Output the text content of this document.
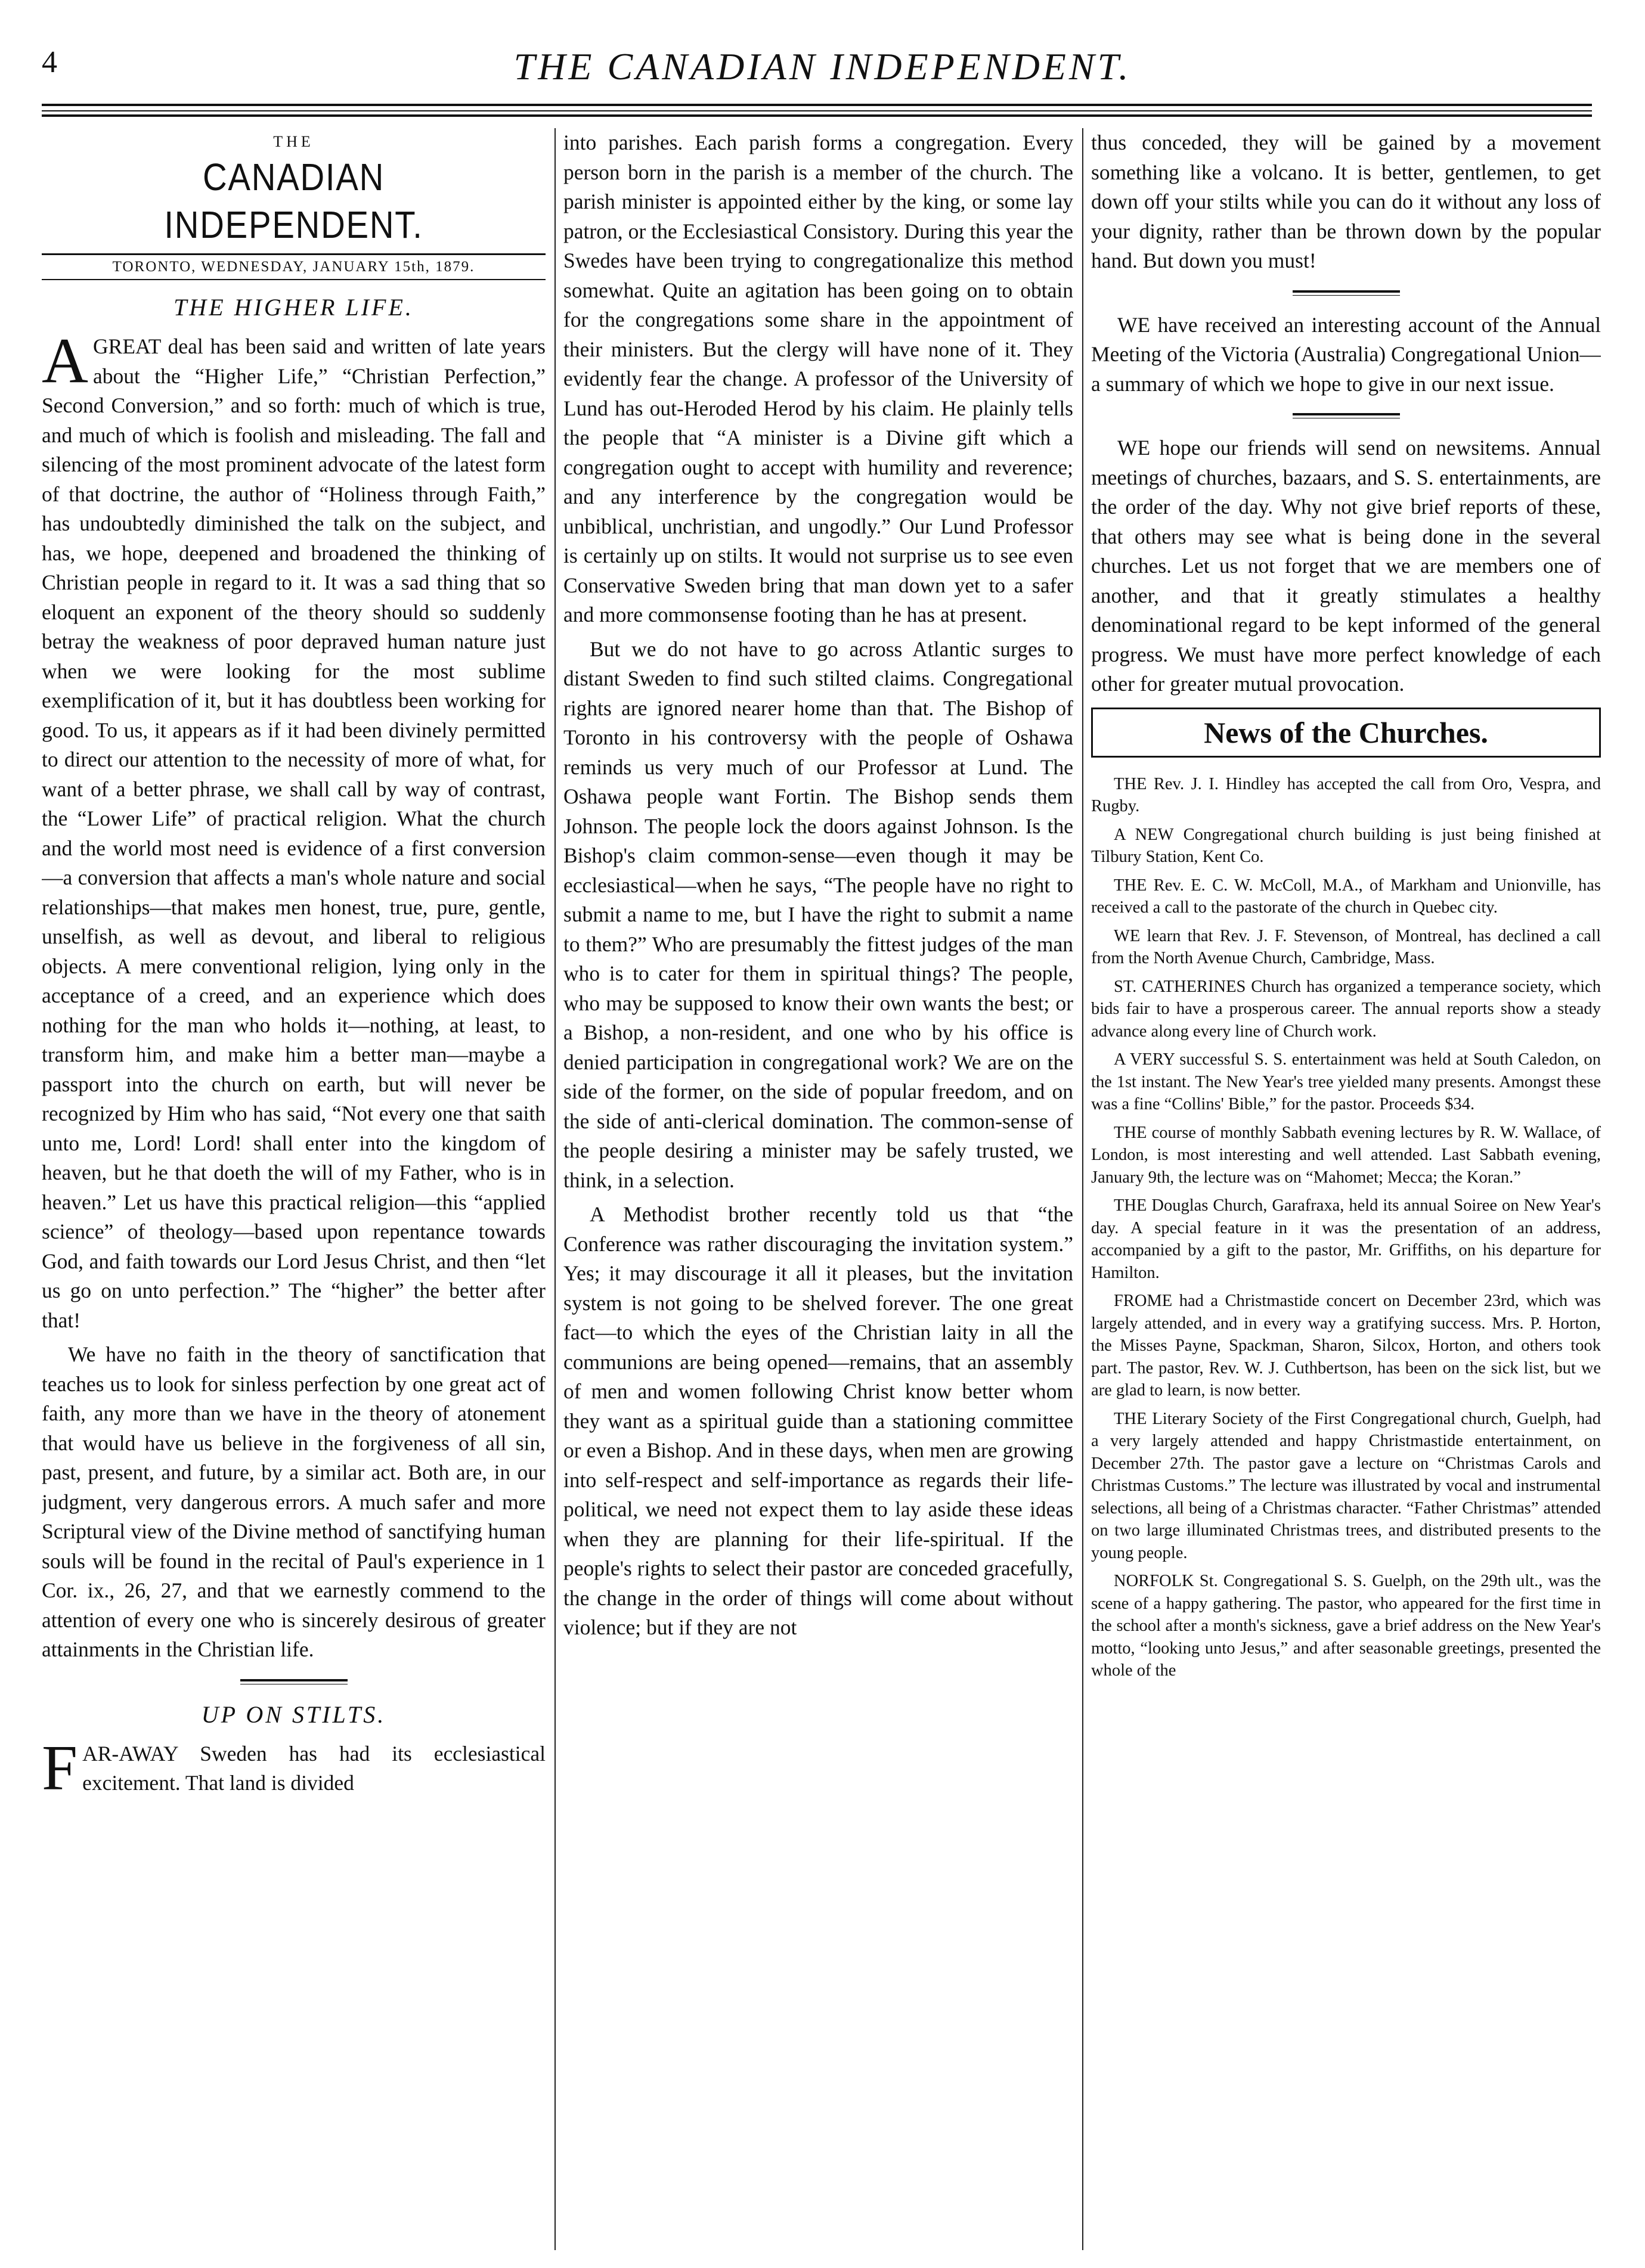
4	THE CANADIAN INDEPENDENT.
THE
CANADIAN INDEPENDENT.
TORONTO, WEDNESDAY, JANUARY 15th, 1879.
THE HIGHER LIFE.

AGREAT deal has been said and written of late years about the “Higher Life,” “Christian Perfection,” Second Conversion,” and so forth: much of which is true, and much of which is foolish and misleading. The fall and silencing of the most prominent advocate of the latest form of that doctrine, the author of “Holiness through Faith,” has undoubtedly diminished the talk on the subject, and has, we hope, deepened and broadened the thinking of Christian people in regard to it. It was a sad thing that so eloquent an exponent of the theory should so suddenly betray the weakness of poor depraved human nature just when we were looking for the most sublime exemplification of it, but it has doubtless been working for good. To us, it appears as if it had been divinely permitted to direct our attention to the necessity of more of what, for want of a better phrase, we shall call by way of contrast, the “Lower Life” of practical religion. What the church and the world most need is evidence of a first conversion—a conversion that affects a man's whole nature and social relationships—that makes men honest, true, pure, gentle, unselfish, as well as devout, and liberal to religious objects. A mere conventional religion, lying only in the acceptance of a creed, and an experience which does nothing for the man who holds it—nothing, at least, to transform him, and make him a better man—maybe a passport into the church on earth, but will never be recognized by Him who has said, “Not every one that saith unto me, Lord! Lord! shall enter into the kingdom of heaven, but he that doeth the will of my Father, who is in heaven.” Let us have this practical religion—this “applied science” of theology—based upon repentance towards God, and faith towards our Lord Jesus Christ, and then “let us go on unto perfection.” The “higher” the better after that!

We have no faith in the theory of sanctification that teaches us to look for sinless perfection by one great act of faith, any more than we have in the theory of atonement that would have us believe in the forgiveness of all sin, past, present, and future, by a similar act. Both are, in our judgment, very dangerous errors. A much safer and more Scriptural view of the Divine method of sanctifying human souls will be found in the recital of Paul's experience in 1 Cor. ix., 26, 27, and that we earnestly commend to the attention of every one who is sincerely desirous of greater attainments in the Christian life.

UP ON STILTS.

FAR-AWAY Sweden has had its ecclesiastical excitement. That land is divided

into parishes. Each parish forms a congregation. Every person born in the parish is a member of the church. The parish minister is appointed either by the king, or some lay patron, or the Ecclesiastical Consistory. During this year the Swedes have been trying to congregationalize this method somewhat. Quite an agitation has been going on to obtain for the congregations some share in the appointment of their ministers. But the clergy will have none of it. They evidently fear the change. A professor of the University of Lund has out-Heroded Herod by his claim. He plainly tells the people that “A minister is a Divine gift which a congregation ought to accept with humility and reverence; and any interference by the congregation would be unbiblical, unchristian, and ungodly.” Our Lund Professor is certainly up on stilts. It would not surprise us to see even Conservative Sweden bring that man down yet to a safer and more commonsense footing than he has at present.

But we do not have to go across Atlantic surges to distant Sweden to find such stilted claims. Congregational rights are ignored nearer home than that. The Bishop of Toronto in his controversy with the people of Oshawa reminds us very much of our Professor at Lund. The Oshawa people want Fortin. The Bishop sends them Johnson. The people lock the doors against Johnson. Is the Bishop's claim common-sense—even though it may be ecclesiastical—when he says, “The people have no right to submit a name to me, but I have the right to submit a name to them?” Who are presumably the fittest judges of the man who is to cater for them in spiritual things? The people, who may be supposed to know their own wants the best; or a Bishop, a non-resident, and one who by his office is denied participation in congregational work? We are on the side of the former, on the side of popular freedom, and on the side of anti-clerical domination. The common-sense of the people desiring a minister may be safely trusted, we think, in a selection.

A Methodist brother recently told us that “the Conference was rather discouraging the invitation system.” Yes; it may discourage it all it pleases, but the invitation system is not going to be shelved forever. The one great fact—to which the eyes of the Christian laity in all the communions are being opened—remains, that an assembly of men and women following Christ know better whom they want as a spiritual guide than a stationing committee or even a Bishop. And in these days, when men are growing into self-respect and self-importance as regards their life-political, we need not expect them to lay aside these ideas when they are planning for their life-spiritual. If the people's rights to select their pastor are conceded gracefully, the change in the order of things will come about without violence; but if they are not

thus conceded, they will be gained by a movement something like a volcano. It is better, gentlemen, to get down off your stilts while you can do it without any loss of your dignity, rather than be thrown down by the popular hand. But down you must!

WE have received an interesting account of the Annual Meeting of the Victoria (Australia) Congregational Union—a summary of which we hope to give in our next issue.

WE hope our friends will send on newsitems. Annual meetings of churches, bazaars, and S. S. entertainments, are the order of the day. Why not give brief reports of these, that others may see what is being done in the several churches. Let us not forget that we are members one of another, and that it greatly stimulates a healthy denominational regard to be kept informed of the general progress. We must have more perfect knowledge of each other for greater mutual provocation.

News of the Churches.

THE Rev. J. I. Hindley has accepted the call from Oro, Vespra, and Rugby.

A NEW Congregational church building is just being finished at Tilbury Station, Kent Co.

THE Rev. E. C. W. McColl, M.A., of Markham and Unionville, has received a call to the pastorate of the church in Quebec city.

WE learn that Rev. J. F. Stevenson, of Montreal, has declined a call from the North Avenue Church, Cambridge, Mass.

ST. CATHERINES Church has organized a temperance society, which bids fair to have a prosperous career. The annual reports show a steady advance along every line of Church work.

A VERY successful S. S. entertainment was held at South Caledon, on the 1st instant. The New Year's tree yielded many presents. Amongst these was a fine “Collins' Bible,” for the pastor. Proceeds $34.

THE course of monthly Sabbath evening lectures by R. W. Wallace, of London, is most interesting and well attended. Last Sabbath evening, January 9th, the lecture was on “Mahomet; Mecca; the Koran.”

THE Douglas Church, Garafraxa, held its annual Soiree on New Year's day. A special feature in it was the presentation of an address, accompanied by a gift to the pastor, Mr. Griffiths, on his departure for Hamilton.

FROME had a Christmastide concert on December 23rd, which was largely attended, and in every way a gratifying success. Mrs. P. Horton, the Misses Payne, Spackman, Sharon, Silcox, Horton, and others took part. The pastor, Rev. W. J. Cuthbertson, has been on the sick list, but we are glad to learn, is now better.

THE Literary Society of the First Congregational church, Guelph, had a very largely attended and happy Christmastide entertainment, on December 27th. The pastor gave a lecture on “Christmas Carols and Christmas Customs.” The lecture was illustrated by vocal and instrumental selections, all being of a Christmas character. “Father Christmas” attended on two large illuminated Christmas trees, and distributed presents to the young people.

NORFOLK St. Congregational S. S. Guelph, on the 29th ult., was the scene of a happy gathering. The pastor, who appeared for the first time in the school after a month's sickness, gave a brief address on the New Year's motto, “looking unto Jesus,” and after seasonable greetings, presented the whole of the
